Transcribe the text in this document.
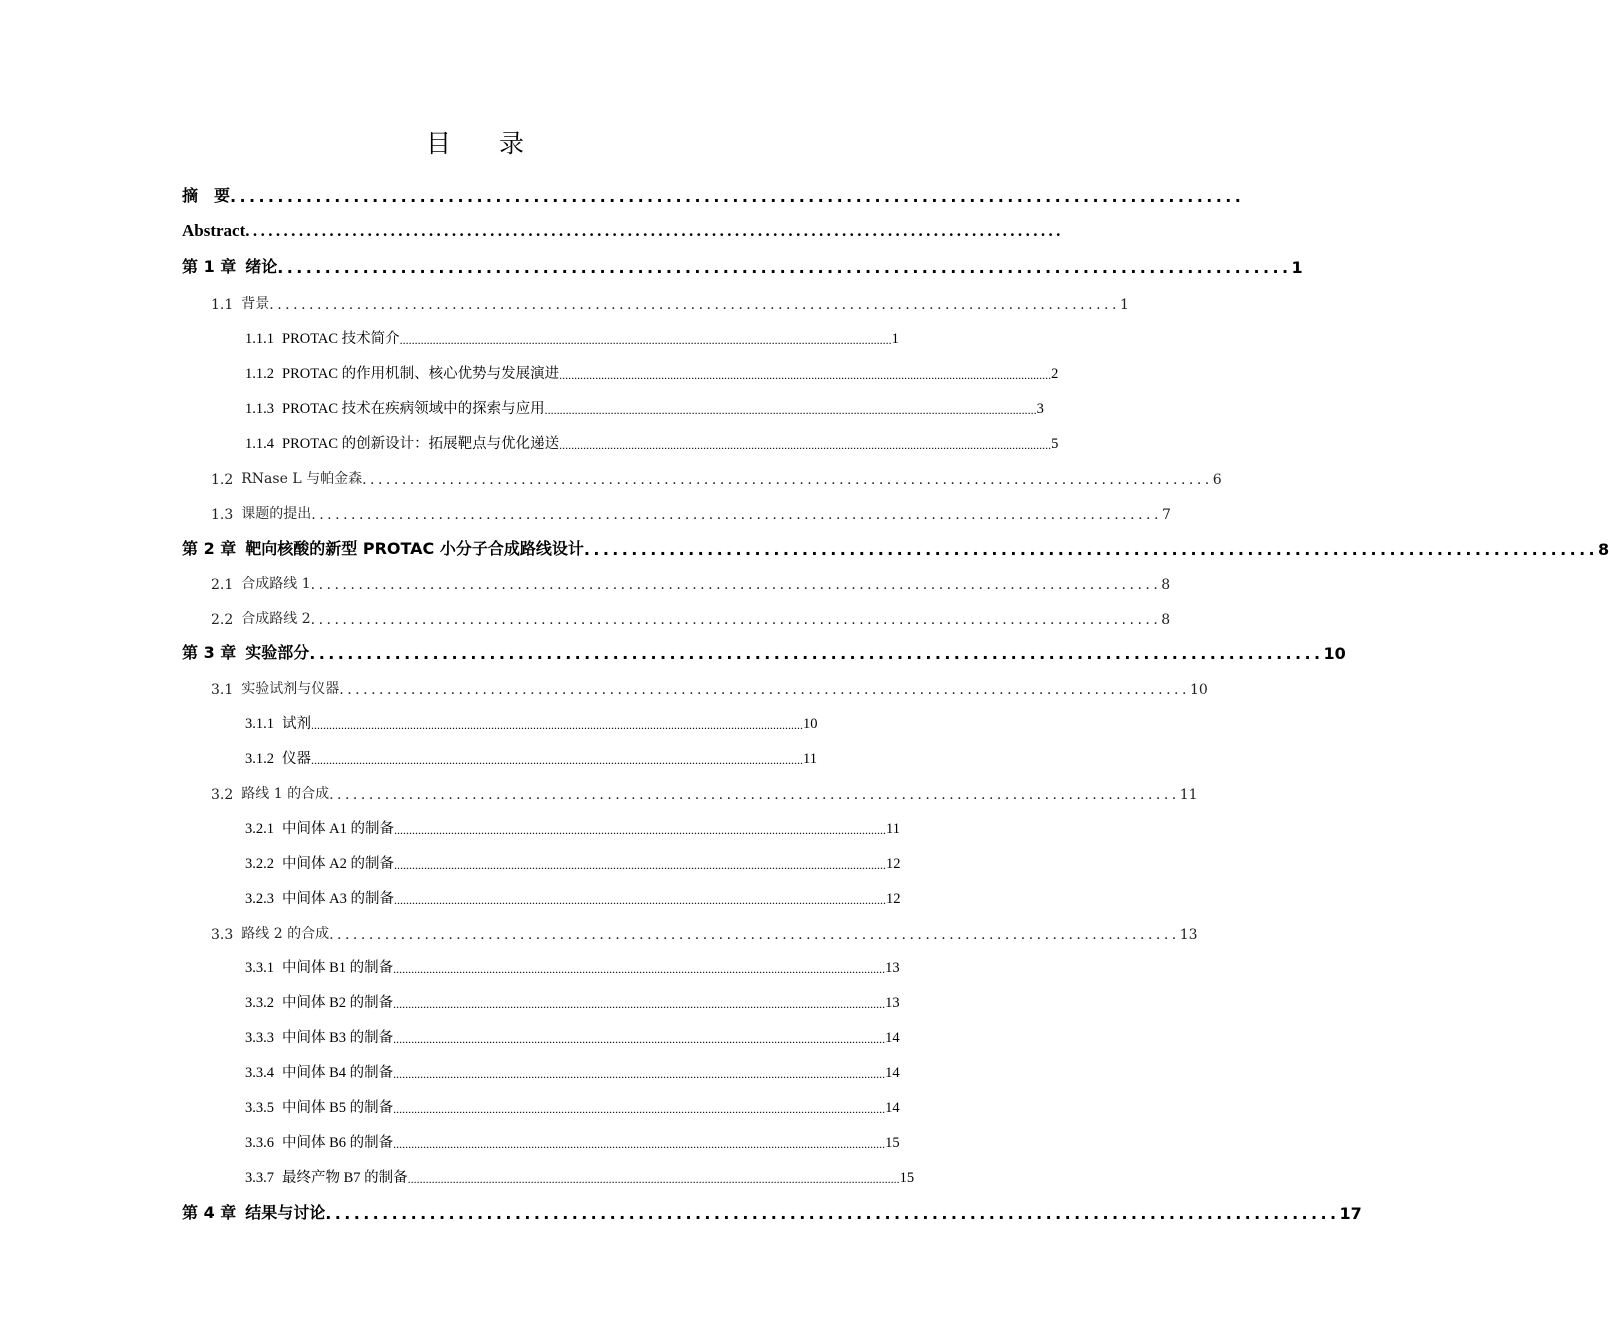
目 录
摘　要 ...........................................................................................................
Abstract ...........................................................................................................
第 1 章 绪论 ........................................................................................................... 1
1.1 背景 ........................................................................................................... 1
1.1.1 PROTAC 技术简介 .................................................................................................................................................................... 1
1.1.2 PROTAC 的作用机制、核心优势与发展演进 .................................................................................................................................................................... 2
1.1.3 PROTAC 技术在疾病领域中的探索与应用 .................................................................................................................................................................... 3
1.1.4 PROTAC 的创新设计：拓展靶点与优化递送 .................................................................................................................................................................... 5
1.2 RNase L 与帕金森 ........................................................................................................... 6
1.3 课题的提出 ........................................................................................................... 7
第 2 章 靶向核酸的新型 PROTAC 小分子合成路线设计 ........................................................................................................... 8
2.1 合成路线 1 ........................................................................................................... 8
2.2 合成路线 2 ........................................................................................................... 8
第 3 章 实验部分 ........................................................................................................... 10
3.1 实验试剂与仪器 ........................................................................................................... 10
3.1.1 试剂 .................................................................................................................................................................... 10
3.1.2 仪器 .................................................................................................................................................................... 11
3.2 路线 1 的合成 ........................................................................................................... 11
3.2.1 中间体 A1 的制备 .................................................................................................................................................................... 11
3.2.2 中间体 A2 的制备 .................................................................................................................................................................... 12
3.2.3 中间体 A3 的制备 .................................................................................................................................................................... 12
3.3 路线 2 的合成 ........................................................................................................... 13
3.3.1 中间体 B1 的制备 .................................................................................................................................................................... 13
3.3.2 中间体 B2 的制备 .................................................................................................................................................................... 13
3.3.3 中间体 B3 的制备 .................................................................................................................................................................... 14
3.3.4 中间体 B4 的制备 .................................................................................................................................................................... 14
3.3.5 中间体 B5 的制备 .................................................................................................................................................................... 14
3.3.6 中间体 B6 的制备 .................................................................................................................................................................... 15
3.3.7 最终产物 B7 的制备 .................................................................................................................................................................... 15
第 4 章 结果与讨论 ........................................................................................................... 17
